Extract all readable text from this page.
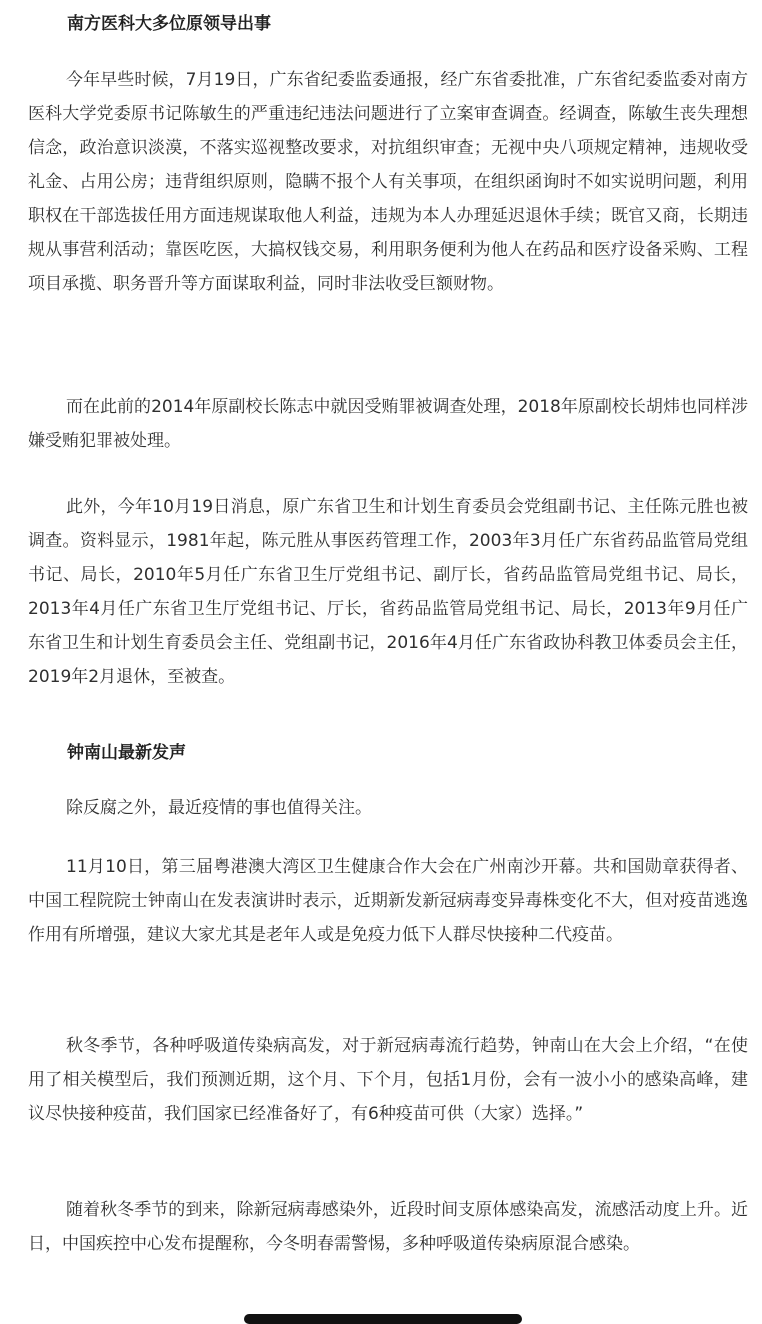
南方医科大多位原领导出事

今年早些时候，7月19日，广东省纪委监委通报，经广东省委批准，广东省纪委监委对南方医科大学党委原书记陈敏生的严重违纪违法问题进行了立案审查调查。经调查，陈敏生丧失理想信念，政治意识淡漠，不落实巡视整改要求，对抗组织审查；无视中央八项规定精神，违规收受礼金、占用公房；违背组织原则，隐瞒不报个人有关事项，在组织函询时不如实说明问题，利用职权在干部选拔任用方面违规谋取他人利益，违规为本人办理延迟退休手续；既官又商，长期违规从事营利活动；靠医吃医，大搞权钱交易，利用职务便利为他人在药品和医疗设备采购、工程项目承揽、职务晋升等方面谋取利益，同时非法收受巨额财物。

而在此前的2014年原副校长陈志中就因受贿罪被调查处理，2018年原副校长胡炜也同样涉嫌受贿犯罪被处理。

此外，今年10月19日消息，原广东省卫生和计划生育委员会党组副书记、主任陈元胜也被调查。资料显示，1981年起，陈元胜从事医药管理工作，2003年3月任广东省药品监管局党组书记、局长，2010年5月任广东省卫生厅党组书记、副厅长，省药品监管局党组书记、局长，2013年4月任广东省卫生厅党组书记、厅长，省药品监管局党组书记、局长，2013年9月任广东省卫生和计划生育委员会主任、党组副书记，2016年4月任广东省政协科教卫体委员会主任，2019年2月退休，至被查。

钟南山最新发声

除反腐之外，最近疫情的事也值得关注。

11月10日，第三届粤港澳大湾区卫生健康合作大会在广州南沙开幕。共和国勋章获得者、中国工程院院士钟南山在发表演讲时表示，近期新发新冠病毒变异毒株变化不大，但对疫苗逃逸作用有所增强，建议大家尤其是老年人或是免疫力低下人群尽快接种二代疫苗。

秋冬季节，各种呼吸道传染病高发，对于新冠病毒流行趋势，钟南山在大会上介绍，“在使用了相关模型后，我们预测近期，这个月、下个月，包括1月份，会有一波小小的感染高峰，建议尽快接种疫苗，我们国家已经准备好了，有6种疫苗可供（大家）选择。”

随着秋冬季节的到来，除新冠病毒感染外，近段时间支原体感染高发，流感活动度上升。近日，中国疾控中心发布提醒称，今冬明春需警惕，多种呼吸道传染病原混合感染。
